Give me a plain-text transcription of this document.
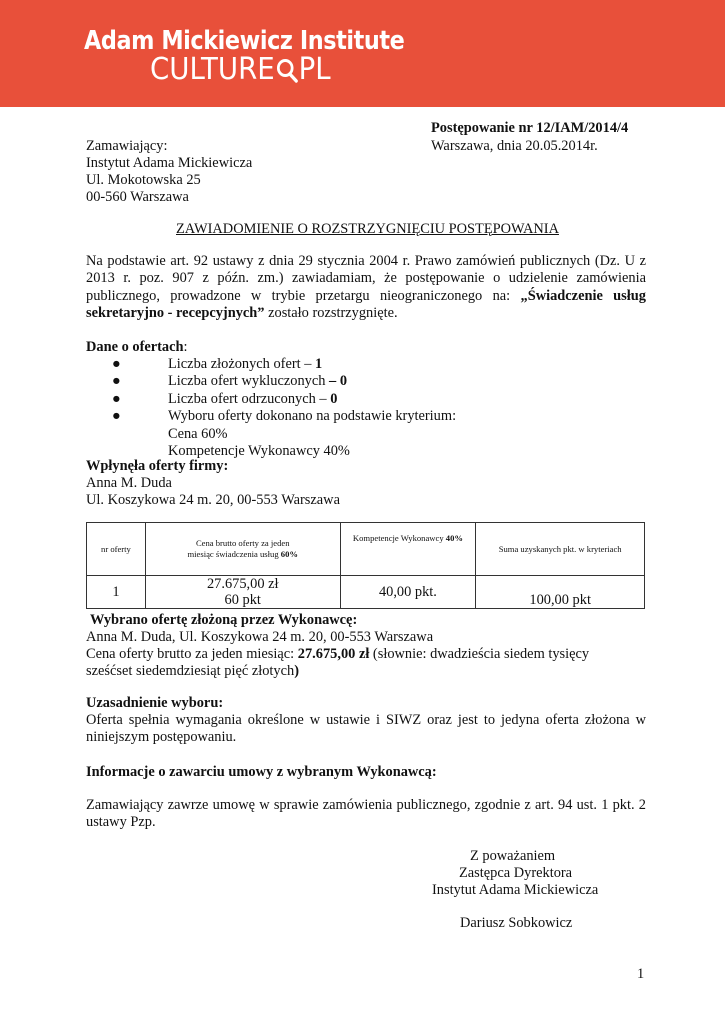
Adam Mickiewicz Institute
CULTURE PL
Postępowanie nr 12/IAM/2014/4
Warszawa, dnia 20.05.2014r.
Zamawiający:
Instytut Adama Mickiewicza
Ul. Mokotowska 25
00-560 Warszawa
ZAWIADOMIENIE O ROZSTRZYGNIĘCIU POSTĘPOWANIA
Na podstawie art. 92 ustawy z dnia 29 stycznia 2004 r. Prawo zamówień publicznych (Dz. U z 2013 r. poz. 907 z późn. zm.) zawiadamiam, że postępowanie o udzielenie zamówienia publicznego, prowadzone w trybie przetargu nieograniczonego na: „Świadczenie usług sekretaryjno - recepcyjnych” zostało rozstrzygnięte.
Dane o ofertach:
●	Liczba złożonych ofert – 1
●	Liczba ofert wykluczonych – 0
●	Liczba ofert odrzuconych – 0
●	Wyboru oferty dokonano na podstawie kryterium:
Cena 60%
Kompetencje Wykonawcy 40%
Wpłynęła oferty firmy:
Anna M. Duda
Ul. Koszykowa 24 m. 20, 00-553 Warszawa
nr oferty	Cena brutto oferty za jeden
miesiąc świadczenia usług 60%	Kompetencje Wykonawcy 40%	Suma uzyskanych pkt. w kryteriach
1	27.675,00 zł
60 pkt	40,00 pkt.	100,00 pkt
Wybrano ofertę złożoną przez Wykonawcę:
Anna M. Duda, Ul. Koszykowa 24 m. 20, 00-553 Warszawa
Cena oferty brutto za jeden miesiąc: 27.675,00 zł (słownie: dwadzieścia siedem tysięcy
sześćset siedemdziesiąt pięć złotych)
Uzasadnienie wyboru:
Oferta spełnia wymagania określone w ustawie i SIWZ oraz jest to jedyna oferta złożona w niniejszym postępowaniu.
Informacje o zawarciu umowy z wybranym Wykonawcą:
Zamawiający zawrze umowę w sprawie zamówienia publicznego, zgodnie z art. 94 ust. 1 pkt. 2 ustawy Pzp.
Z poważaniem
Zastępca Dyrektora
Instytut Adama Mickiewicza
Dariusz Sobkowicz
1
